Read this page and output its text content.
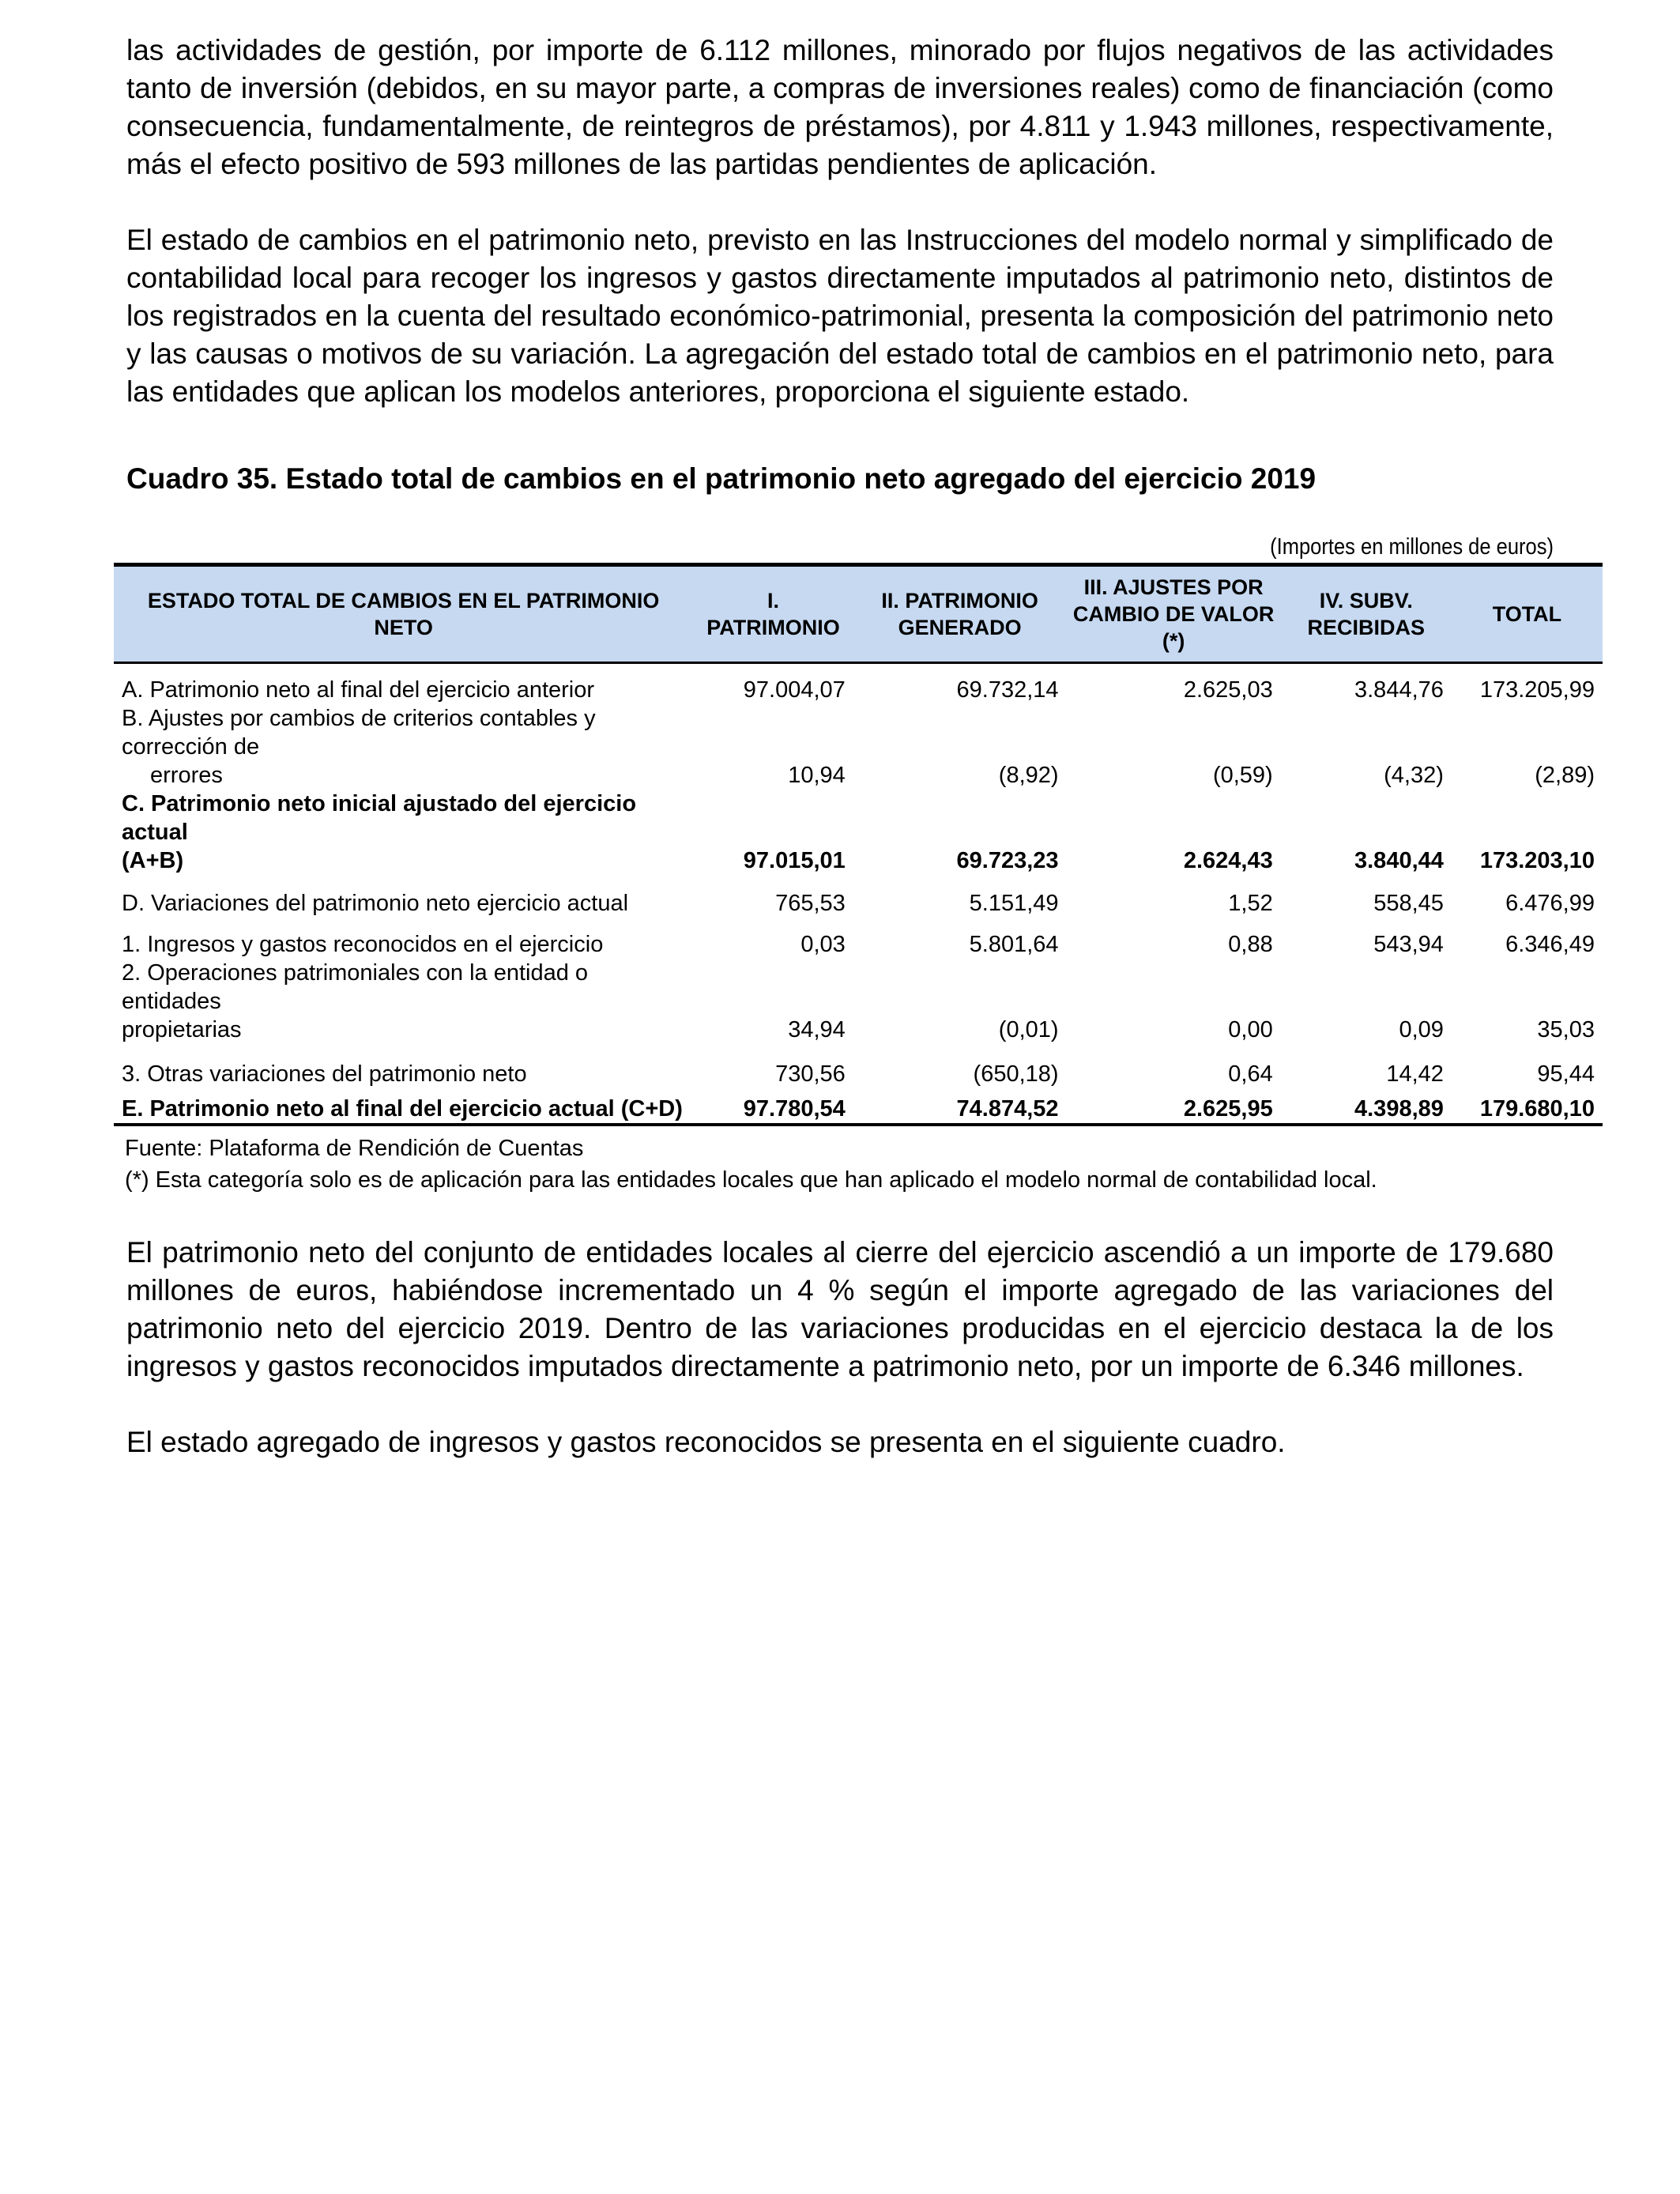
las actividades de gestión, por importe de 6.112 millones, minorado por flujos negativos de las actividades tanto de inversión (debidos, en su mayor parte, a compras de inversiones reales) como de financiación (como consecuencia, fundamentalmente, de reintegros de préstamos), por 4.811 y 1.943 millones, respectivamente, más el efecto positivo de 593 millones de las partidas pendientes de aplicación.

El estado de cambios en el patrimonio neto, previsto en las Instrucciones del modelo normal y simplificado de contabilidad local para recoger los ingresos y gastos directamente imputados al patrimonio neto, distintos de los registrados en la cuenta del resultado económico-patrimonial, presenta la composición del patrimonio neto y las causas o motivos de su variación. La agregación del estado total de cambios en el patrimonio neto, para las entidades que aplican los modelos anteriores, proporciona el siguiente estado.

Cuadro 35. Estado total de cambios en el patrimonio neto agregado del ejercicio 2019

(Importes en millones de euros)
ESTADO TOTAL DE CAMBIOS EN EL PATRIMONIO NETO	I. PATRIMONIO	II. PATRIMONIO GENERADO	III. AJUSTES POR CAMBIO DE VALOR (*)	IV. SUBV. RECIBIDAS	TOTAL
A. Patrimonio neto al final del ejercicio anterior	97.004,07	69.732,14	2.625,03	3.844,76	173.205,99

B. Ajustes por cambios de criterios contables y corrección de
errores	10,94	(8,92)	(0,59)	(4,32)	(2,89)

C. Patrimonio neto inicial ajustado del ejercicio actual
(A+B)	97.015,01	69.723,23	2.624,43	3.840,44	173.203,10
D. Variaciones del patrimonio neto ejercicio actual	765,53	5.151,49	1,52	558,45	6.476,99
1. Ingresos y gastos reconocidos en el ejercicio	0,03	5.801,64	0,88	543,94	6.346,49

2. Operaciones patrimoniales con la entidad o entidades
propietarias	34,94	(0,01)	0,00	0,09	35,03
3. Otras variaciones del patrimonio neto	730,56	(650,18)	0,64	14,42	95,44
E. Patrimonio neto al final del ejercicio actual (C+D)	97.780,54	74.874,52	2.625,95	4.398,89	179.680,10
Fuente: Plataforma de Rendición de Cuentas
(*) Esta categoría solo es de aplicación para las entidades locales que han aplicado el modelo normal de contabilidad local.

El patrimonio neto del conjunto de entidades locales al cierre del ejercicio ascendió a un importe de 179.680 millones de euros, habiéndose incrementado un 4 % según el importe agregado de las variaciones del patrimonio neto del ejercicio 2019. Dentro de las variaciones producidas en el ejercicio destaca la de los ingresos y gastos reconocidos imputados directamente a patrimonio neto, por un importe de 6.346 millones.

El estado agregado de ingresos y gastos reconocidos se presenta en el siguiente cuadro.
